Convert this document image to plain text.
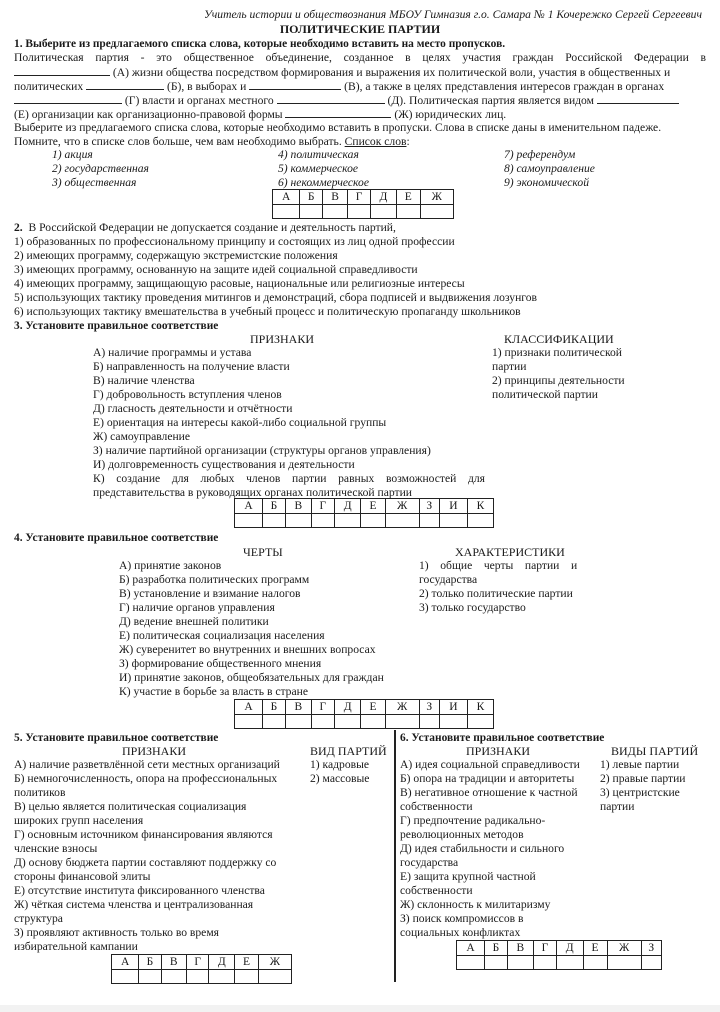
Учитель истории и обществознания МБОУ Гимназия г.о. Самара № 1 Кочережко Сергей Сергеевич
ПОЛИТИЧЕСКИЕ ПАРТИИ
1. Выберите из предлагаемого списка слова, которые необходимо вставить на место пропусков.
Политическая партия - это общественное объединение, созданное в целях участия граждан Российской Федерации в
(А) жизни общества посредством формирования и выражения их политической воли, участия в общественных и
политических	(Б), в выборах и	(В), а также в целях представления интересов граждан в органах
(Г) власти и органах местного	(Д). Политическая партия является видом
(Е) организации как организационно-правовой формы	(Ж) юридических лиц.
Выберите из предлагаемого списка слова, которые необходимо вставить в пропуски. Слова в списке даны в именительном падеже.
Помните, что в списке слов больше, чем вам необходимо выбрать. Список слов:
1) акция
2) государственная
3) общественная
4) политическая
5) коммерческое
6) некоммерческое
7) референдум
8) самоуправление
9) экономической
А	Б	В	Г	Д	Е	Ж

2. В Российской Федерации не допускается создание и деятельность партий,
1) образованных по профессиональному принципу и состоящих из лиц одной профессии
2) имеющих программу, содержащую экстремистские положения
3) имеющих программу, основанную на защите идей социальной справедливости
4) имеющих программу, защищающую расовые, национальные или религиозные интересы
5) использующих тактику проведения митингов и демонстраций, сбора подписей и выдвижения лозунгов
6) использующих тактику вмешательства в учебный процесс и политическую пропаганду школьников
3. Установите правильное соответствие
ПРИЗНАКИ	КЛАССИФИКАЦИИ
А) наличие программы и устава
Б) направленность на получение власти
В) наличие членства
Г) добровольность вступления членов
Д) гласность деятельности и отчётности
Е) ориентация на интересы какой-либо социальной группы
Ж) самоуправление
З) наличие партийной организации (структуры органов управления)
И) долговременность существования и деятельности
К) создание для любых членов партии равных возможностей для
представительства в руководящих органах политической партии
1) признаки политической
партии
2) принципы деятельности
политической партии
А	Б	В	Г	Д	Е	Ж	З	И	К

4. Установите правильное соответствие
ЧЕРТЫ	ХАРАКТЕРИСТИКИ
А) принятие законов
Б) разработка политических программ
В) установление и взимание налогов
Г) наличие органов управления
Д) ведение внешней политики
Е) политическая социализация населения
Ж) суверенитет во внутренних и внешних вопросах
З) формирование общественного мнения
И) принятие законов, общеобязательных для граждан
К) участие в борьбе за власть в стране
1)    общие    черты    партии    и
государства
2) только политические партии
3) только государство
А	Б	В	Г	Д	Е	Ж	З	И	К

5. Установите правильное соответствие
ПРИЗНАКИ	ВИД ПАРТИЙ
А) наличие разветвлённой сети местных организаций
Б) немногочисленность, опора на профессиональных
политиков
В) целью является политическая социализация
широких групп населения
Г) основным источником финансирования являются
членские взносы
Д) основу бюджета партии составляют поддержку со
стороны финансовой элиты
Е) отсутствие института фиксированного членства
Ж) чёткая система членства и централизованная
структура
З) проявляют активность только во время
избирательной кампании
1) кадровые
2) массовые
А	Б	В	Г	Д	Е	Ж

6. Установите правильное соответствие
ПРИЗНАКИ	ВИДЫ ПАРТИЙ
А) идея социальной справедливости
Б) опора на традиции и авторитеты
В) негативное отношение к частной
собственности
Г) предпочтение радикально-
революционных методов
Д) идея стабильности и сильного
государства
Е) защита крупной частной
собственности
Ж) склонность к милитаризму
З) поиск компромиссов в
социальных конфликтах
1) левые партии
2) правые партии
3) центристские
партии
А	Б	В	Г	Д	Е	Ж	З
